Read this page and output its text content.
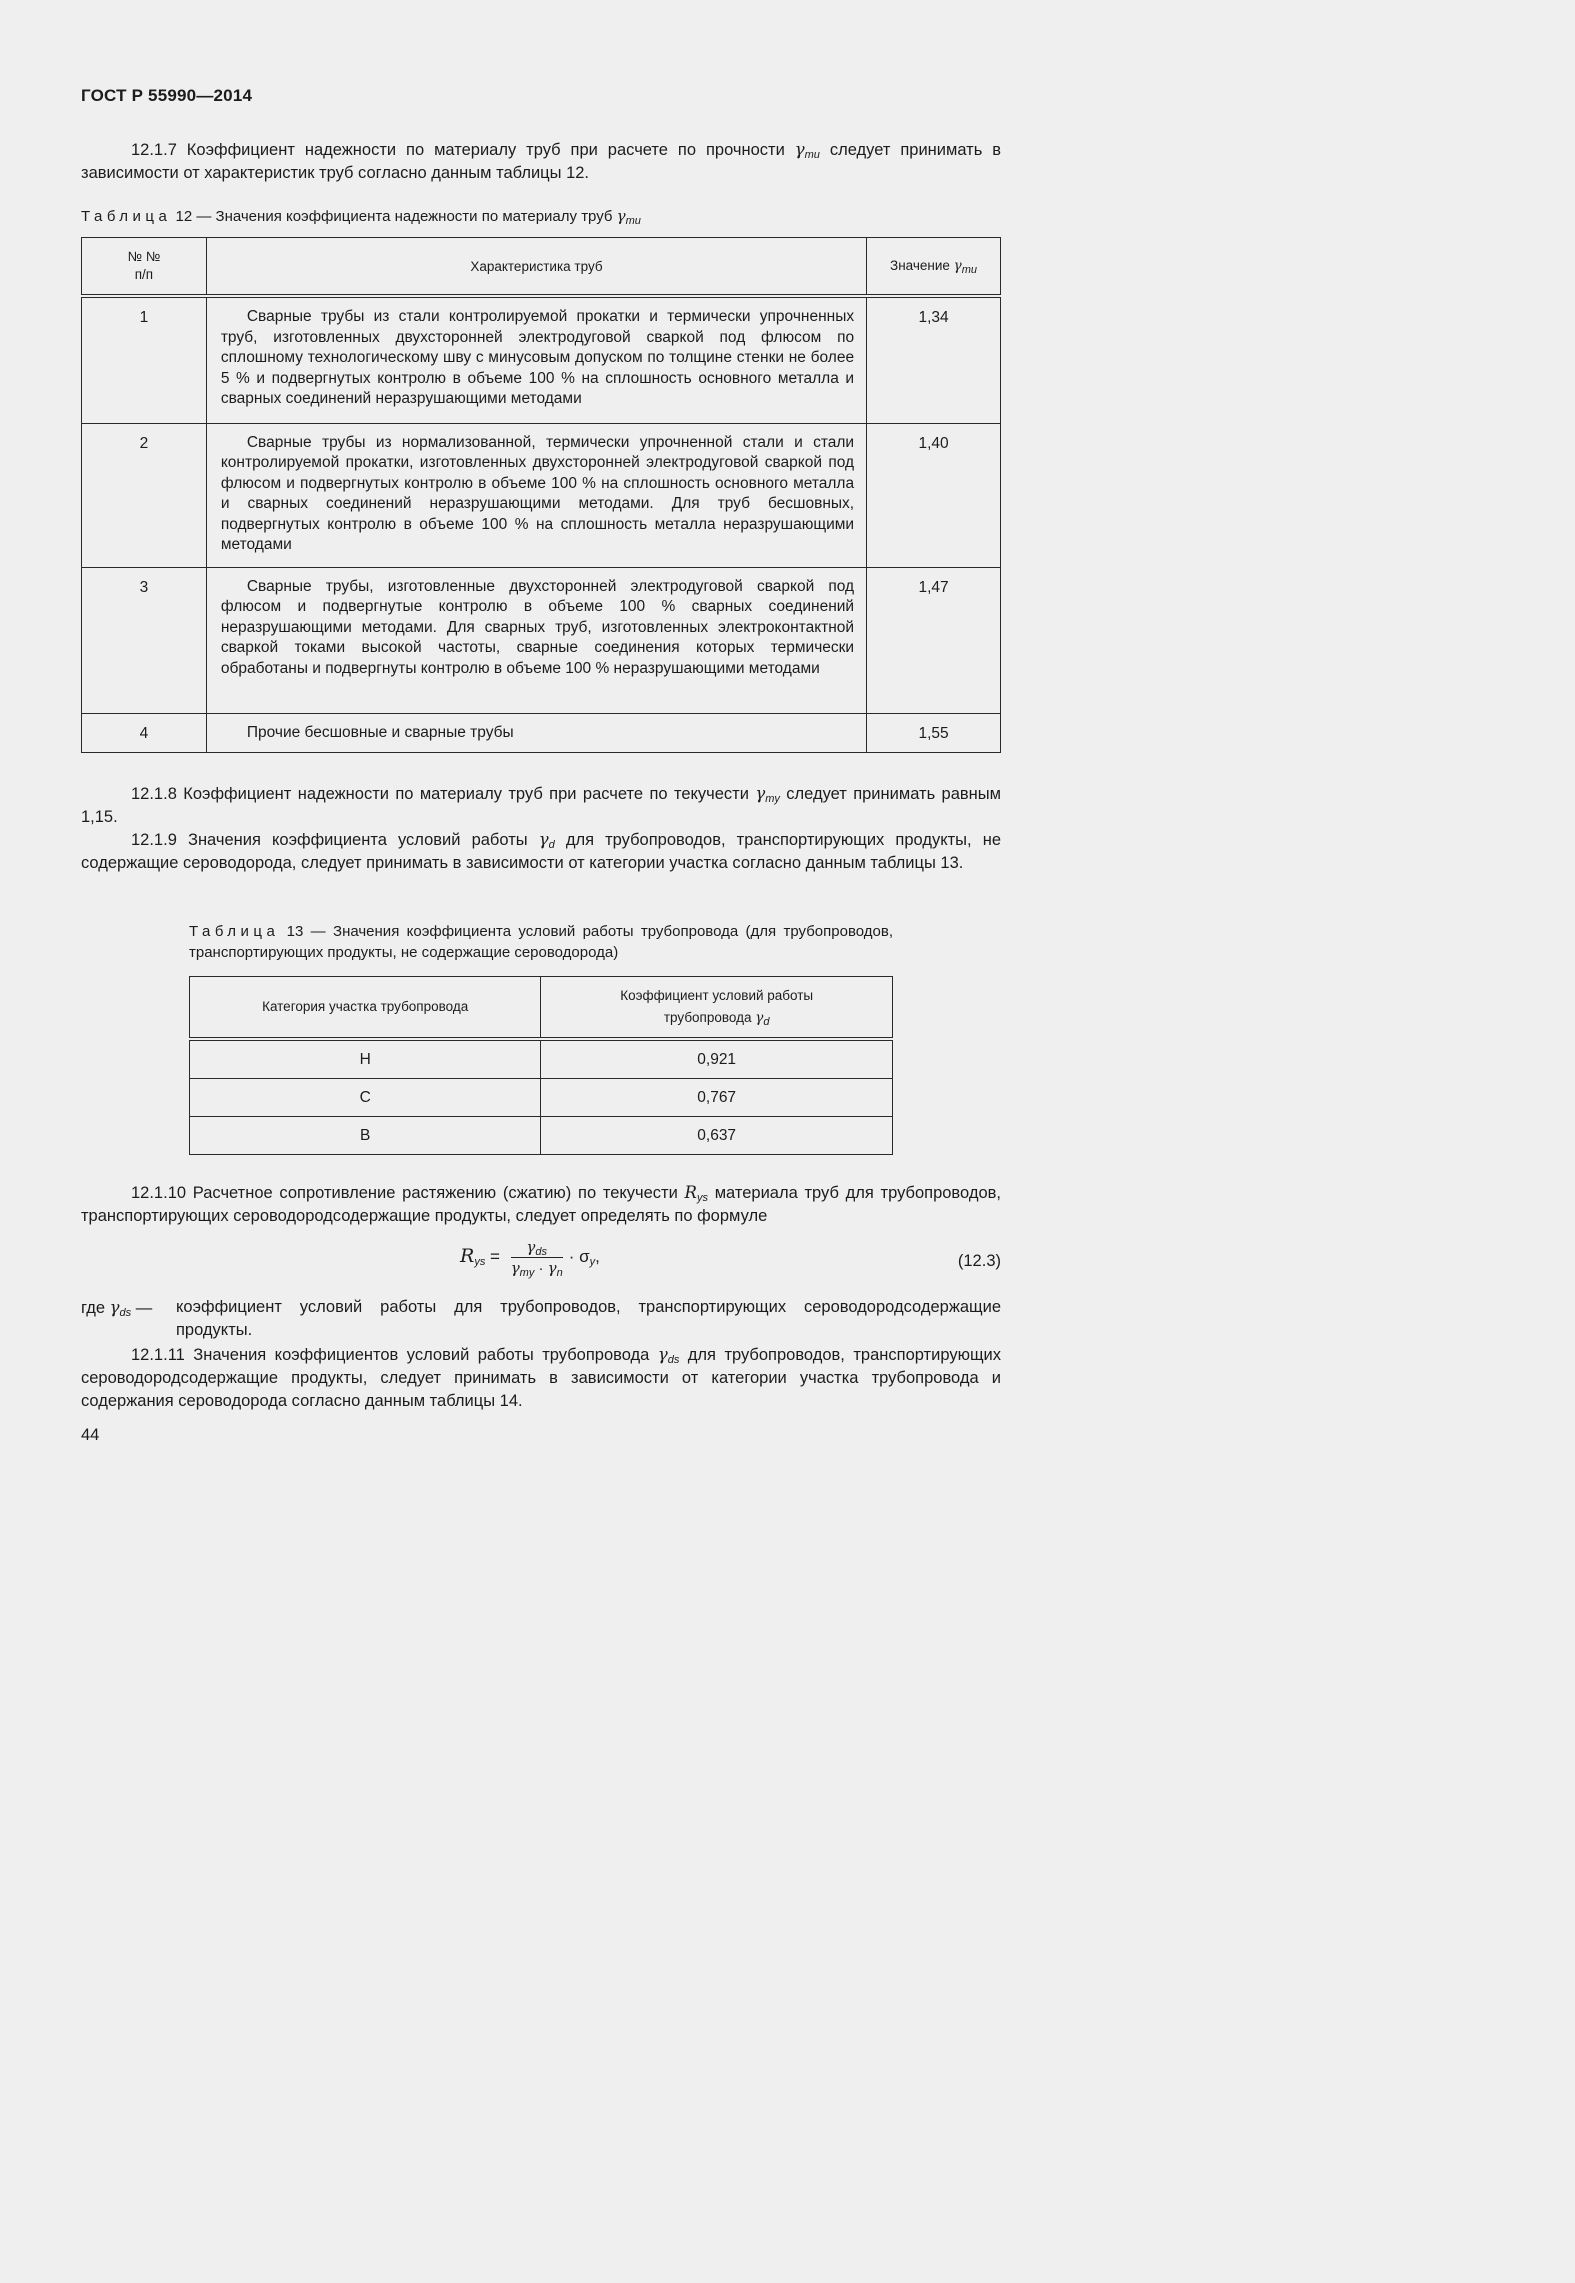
ГОСТ Р 55990—2014
12.1.7 Коэффициент надежности по материалу труб при расчете по прочности $\gamma_{mu}$ следует принимать в зависимости от характеристик труб согласно данным таблицы 12.
Таблица 12 — Значения коэффициента надежности по материалу труб $\gamma_{mu}$
№ №
п/п	Характеристика труб	Значение $\gamma_{mu}$
1	Сварные трубы из стали контролируемой прокатки и термически упрочненных труб, изготовленных двухсторонней электродуговой сваркой под флюсом по сплошному технологическому шву с минусовым допуском по толщине стенки не более 5 % и подвергнутых контролю в объеме 100 % на сплошность основного металла и сварных соединений неразрушающими методами	1,34
2	Сварные трубы из нормализованной, термически упрочненной стали и стали контролируемой прокатки, изготовленных двухсторонней электродуговой сваркой под флюсом и подвергнутых контролю в объеме 100 % на сплошность основного металла и сварных соединений неразрушающими методами. Для труб бесшовных, подвергнутых контролю в объеме 100 % на сплошность металла неразрушающими методами	1,40
3	Сварные трубы, изготовленные двухсторонней электродуговой сваркой под флюсом и подвергнутые контролю в объеме 100 % сварных соединений неразрушающими методами. Для сварных труб, изготовленных электроконтактной сваркой токами высокой частоты, сварные соединения которых термически обработаны и подвергнуты контролю в объеме 100 % неразрушающими методами	1,47
4	Прочие бесшовные и сварные трубы	1,55
12.1.8 Коэффициент надежности по материалу труб при расчете по текучести $\gamma_{my}$ следует принимать равным 1,15.
12.1.9 Значения коэффициента условий работы $\gamma_d$ для трубопроводов, транспортирующих продукты, не содержащие сероводорода, следует принимать в зависимости от категории участка согласно данным таблицы 13.
Таблица 13 — Значения коэффициента условий работы трубопровода (для трубопроводов, транспортирующих продукты, не содержащие сероводорода)
Категория участка трубопровода	Коэффициент условий работы трубопровода $\gamma_d$
Н	0,921
С	0,767
В	0,637
12.1.10 Расчетное сопротивление растяжению (сжатию) по текучести $R_{ys}$ материала труб для трубопроводов, транспортирующих сероводородсодержащие продукты, следует определять по формуле
$R_{ys} = \frac{\gamma_{ds}}{\gamma_{my} \cdot \gamma_n} \cdot \sigma_y$,	(12.3)
где $\gamma_{ds}$ — коэффициент условий работы для трубопроводов, транспортирующих сероводородсодержащие продукты.
12.1.11 Значения коэффициентов условий работы трубопровода $\gamma_{ds}$ для трубопроводов, транспортирующих сероводородсодержащие продукты, следует принимать в зависимости от категории участка трубопровода и содержания сероводорода согласно данным таблицы 14.
44
